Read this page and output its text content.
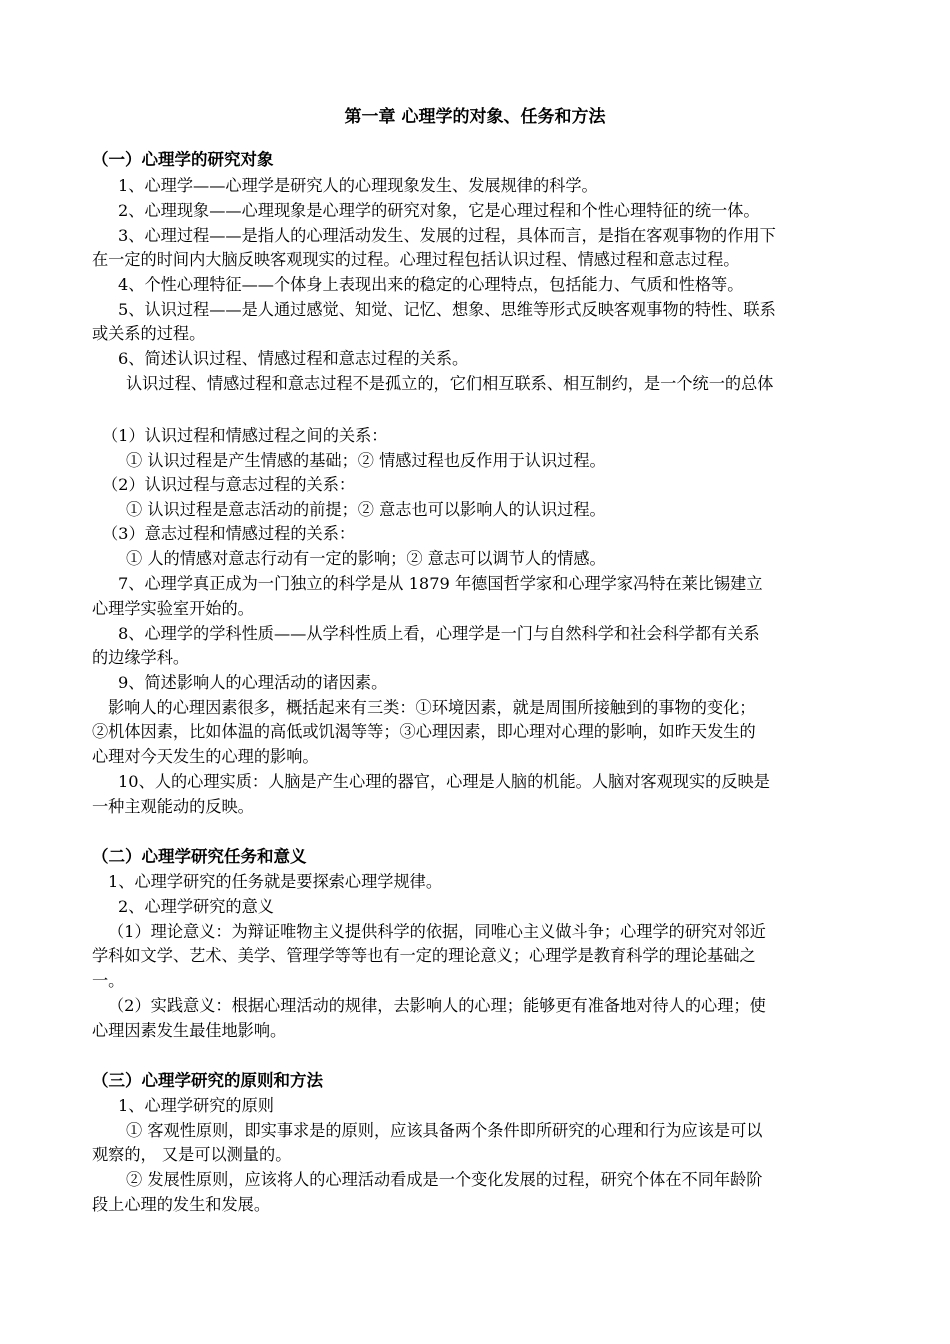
第一章 心理学的对象、任务和方法
（一）心理学的研究对象
1、心理学——心理学是研究人的心理现象发生、发展规律的科学。
2、心理现象——心理现象是心理学的研究对象，它是心理过程和个性心理特征的统一体。
3、心理过程——是指人的心理活动发生、发展的过程，具体而言，是指在客观事物的作用下
在一定的时间内大脑反映客观现实的过程。心理过程包括认识过程、情感过程和意志过程。
4、个性心理特征——个体身上表现出来的稳定的心理特点，包括能力、气质和性格等。
5、认识过程——是人通过感觉、知觉、记忆、想象、思维等形式反映客观事物的特性、联系
或关系的过程。
6、简述认识过程、情感过程和意志过程的关系。
认识过程、情感过程和意志过程不是孤立的，它们相互联系、相互制约，是一个统一的总体
（1）认识过程和情感过程之间的关系：
① 认识过程是产生情感的基础；② 情感过程也反作用于认识过程。
（2）认识过程与意志过程的关系：
① 认识过程是意志活动的前提；② 意志也可以影响人的认识过程。
（3）意志过程和情感过程的关系：
① 人的情感对意志行动有一定的影响；② 意志可以调节人的情感。
7、心理学真正成为一门独立的科学是从 1879 年德国哲学家和心理学家冯特在莱比锡建立
心理学实验室开始的。
8、心理学的学科性质——从学科性质上看，心理学是一门与自然科学和社会科学都有关系
的边缘学科。
9、简述影响人的心理活动的诸因素。
影响人的心理因素很多，概括起来有三类：①环境因素，就是周围所接触到的事物的变化；
②机体因素，比如体温的高低或饥渴等等；③心理因素，即心理对心理的影响，如昨天发生的
心理对今天发生的心理的影响。
10、人的心理实质：人脑是产生心理的器官，心理是人脑的机能。人脑对客观现实的反映是
一种主观能动的反映。
（二）心理学研究任务和意义
1、心理学研究的任务就是要探索心理学规律。
2、心理学研究的意义
（1）理论意义：为辩证唯物主义提供科学的依据，同唯心主义做斗争；心理学的研究对邻近
学科如文学、艺术、美学、管理学等等也有一定的理论意义；心理学是教育科学的理论基础之
一。
（2）实践意义：根据心理活动的规律，去影响人的心理；能够更有准备地对待人的心理；使
心理因素发生最佳地影响。
（三）心理学研究的原则和方法
1、心理学研究的原则
① 客观性原则，即实事求是的原则，应该具备两个条件即所研究的心理和行为应该是可以
观察的， 又是可以测量的。
② 发展性原则，应该将人的心理活动看成是一个变化发展的过程，研究个体在不同年龄阶
段上心理的发生和发展。
